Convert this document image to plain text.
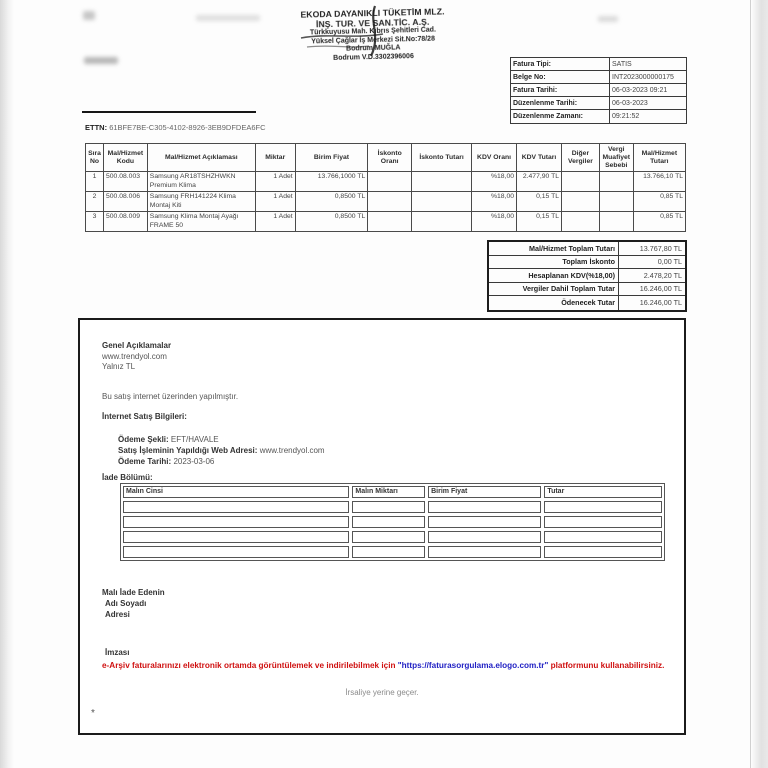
EKODA DAYANIKLI TÜKETİM MLZ.
İNŞ. TUR. VE SAN.TİC. A.Ş.
Türkkuyusu Mah. Kıbrıs Şehitleri Cad.
Yüksel Çağlar İş Merkezi Sit.No:78/28
Bodrum MUĞLA
Bodrum V.D.3302396006
Fatura Tipi:	SATIS
Belge No:	INT2023000000175
Fatura Tarihi:	06-03-2023 09:21
Düzenlenme Tarihi:	06-03-2023
Düzenlenme Zamanı:	09:21:52
ETTN: 61BFE7BE-C305-4102-8926-3EB9DFDEA6FC
Sıra No	Mal/Hizmet Kodu	Mal/Hizmet Açıklaması	Miktar	Birim Fiyat	İskonto Oranı	İskonto Tutarı	KDV Oranı	KDV Tutarı	Diğer Vergiler	Vergi Muafiyet Sebebi	Mal/Hizmet Tutarı
1	500.08.003	Samsung AR18TSHZHWKN Premium Klima	1 Adet	13.766,1000 TL			%18,00	2.477,90 TL			13.766,10 TL
2	500.08.006	Samsung FRH141224 Klima Montaj Kiti	1 Adet	0,8500 TL			%18,00	0,15 TL			0,85 TL
3	500.08.009	Samsung Klima Montaj Ayağı FRAME 50	1 Adet	0,8500 TL			%18,00	0,15 TL			0,85 TL
Mal/Hizmet Toplam Tutarı	13.767,80 TL
Toplam İskonto	0,00 TL
Hesaplanan KDV(%18,00)	2.478,20 TL
Vergiler Dahil Toplam Tutar	16.246,00 TL
Ödenecek Tutar	16.246,00 TL
Genel Açıklamalar
www.trendyol.com
Yalnız TL
Bu satış internet üzerinden yapılmıştır.
İnternet Satış Bilgileri:
Ödeme Şekli: EFT/HAVALE
Satış İşleminin Yapıldığı Web Adresi: www.trendyol.com
Ödeme Tarihi: 2023-03-06
İade Bölümü:
Malın Cinsi	Malın Miktarı	Birim Fiyat	Tutar

Malı İade Edenin
Adı Soyadı
Adresi
İmzası
e-Arşiv faturalarınızı elektronik ortamda görüntülemek ve indirilebilmek için "https://faturasorgulama.elogo.com.tr" platformunu kullanabilirsiniz.
İrsaliye yerine geçer.
*
